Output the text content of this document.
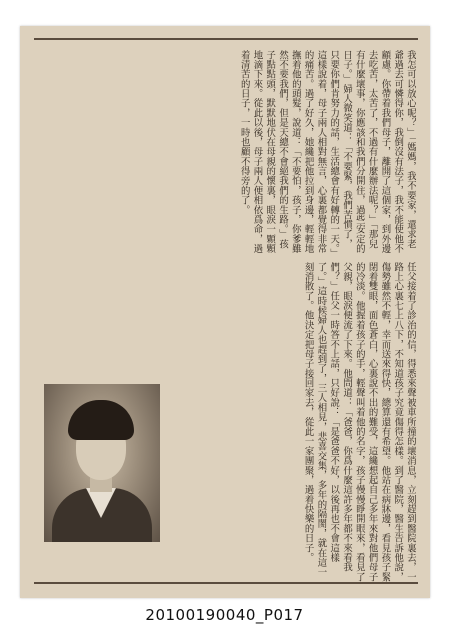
我怎可以放心呢？」「媽媽，我不要家，還求老爺過去可憐得你，我倒沒有法子，我不能使他不顧慮。你帶着我們母子，離開了這個家，到外邊去吃苦，太苦了，不過有什麼辦法呢？」「那兒有什麼壞事，你應該和我們分開住，過些安定的日子。」婦人微笑道：「不要緊，我們苦慣了，只要你們肯努力的話，生活總會有好轉的一天。」這樣說着，母子兩人相對無言，心裏都覺得非常的痛苦。過了好久，她纔把他拉到身邊，輕輕地撫着他的頭髮，說道：「不要怕，孩子，你爹雖然不要我們，但是天總不會絕我們的生路。」孩子點點頭，默默地伏在母親的懷裏，眼淚一顆顆地滴下來。從此以後，母子兩人便相依爲命，過着清苦的日子，一時也顧不得旁的了。
任父接着了診治的信，得悉來聲被車所撞的壞消息，立刻趕到醫院裏去，一路上心裏七上八下，不知道孩子究竟傷得怎樣。到了醫院，醫生告訴他說，傷勢雖然不輕，幸而送來得快，總算還有希望。他站在病牀邊，看見孩子緊閉着雙眼，面色蒼白，心裏說不出的難受，這纔想起自己多年來對他們母子的冷淡。他握着孩子的手，輕聲叫着他的名字，孩子慢慢睜開眼來，看見了父親，眼淚便流了下來。他問道：「爸爸，你爲什麼這許多年都不來看我們？」任父一時答不上話，只好說：「是爸爸不好，以後再也不會這樣了。」這時候婦人也趕到了，三人相見，悲喜交集，多年的隔閡，就在這一刻消散了。他決定把母子接回家去，從此一家團聚，過着快樂的日子。
20100190040_P017
